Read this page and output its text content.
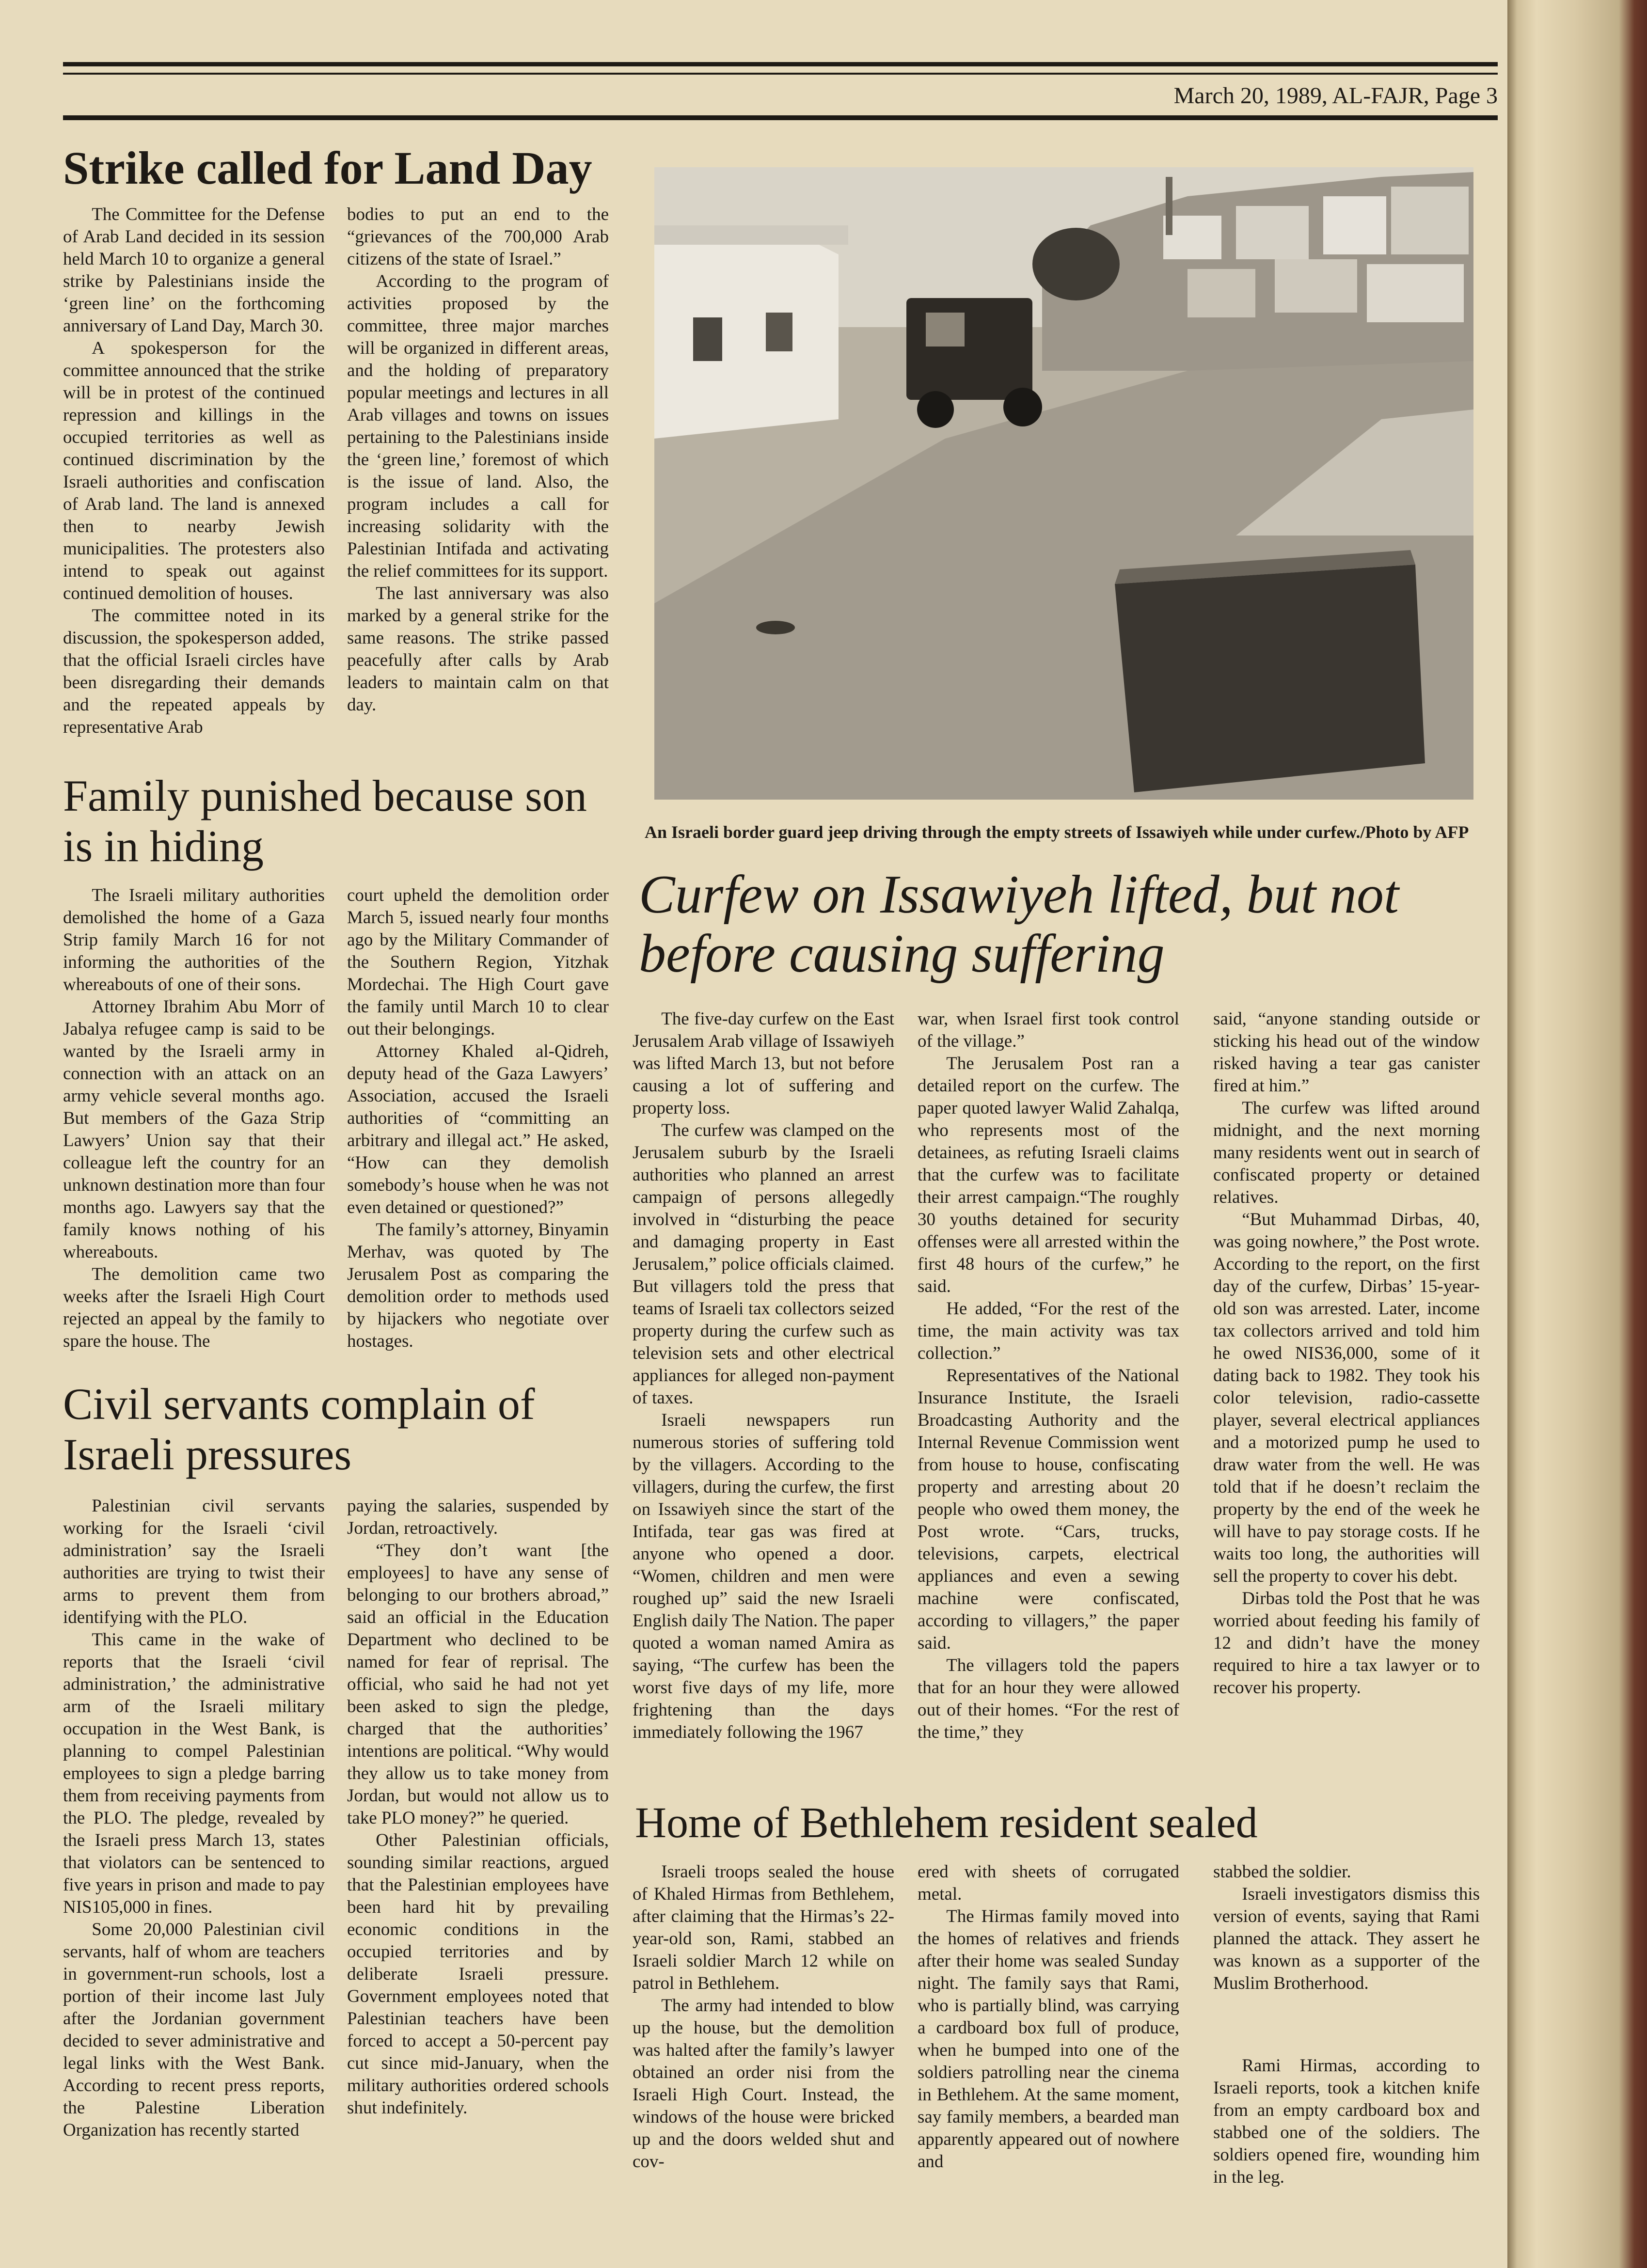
March 20, 1989, AL-FAJR, Page 3
Strike called for Land Day

The Committee for the Defense of Arab Land decided in its session held March 10 to organize a general strike by Palestinians inside the ‘green line’ on the forthcoming anniversary of Land Day, March 30.

A spokesperson for the committee announced that the strike will be in protest of the continued repression and killings in the occupied territories as well as continued discrimination by the Israeli authorities and confiscation of Arab land. The land is annexed then to nearby Jewish municipalities. The protesters also intend to speak out against continued demolition of houses.

The committee noted in its discussion, the spokesperson added, that the official Israeli circles have been disregarding their demands and the repeated appeals by representative Arab

bodies to put an end to the “grievances of the 700,000 Arab citizens of the state of Israel.”

According to the program of activities proposed by the committee, three major marches will be organized in different areas, and the holding of preparatory popular meetings and lectures in all Arab villages and towns on issues pertaining to the Palestinians inside the ‘green line,’ foremost of which is the issue of land. Also, the program includes a call for increasing solidarity with the Palestinian Intifada and activating the relief committees for its support.

The last anniversary was also marked by a general strike for the same reasons. The strike passed peacefully after calls by Arab leaders to maintain calm on that day.

An Israeli border guard jeep driving through the empty streets of Issawiyeh while under curfew./Photo by AFP
Family punished because son is in hiding

The Israeli military authorities demolished the home of a Gaza Strip family March 16 for not informing the authorities of the whereabouts of one of their sons.

Attorney Ibrahim Abu Morr of Jabalya refugee camp is said to be wanted by the Israeli army in connection with an attack on an army vehicle several months ago. But members of the Gaza Strip Lawyers’ Union say that their colleague left the country for an unknown destination more than four months ago. Lawyers say that the family knows nothing of his whereabouts.

The demolition came two weeks after the Israeli High Court rejected an appeal by the family to spare the house. The

court upheld the demolition order March 5, issued nearly four months ago by the Military Commander of the Southern Region, Yitzhak Mordechai. The High Court gave the family until March 10 to clear out their belongings.

Attorney Khaled al-Qidreh, deputy head of the Gaza Lawyers’ Association, accused the Israeli authorities of “committing an arbitrary and illegal act.” He asked, “How can they demolish somebody’s house when he was not even detained or questioned?”

The family’s attorney, Binyamin Merhav, was quoted by The Jerusalem Post as comparing the demolition order to methods used by hijackers who negotiate over hostages.

Civil servants complain of Israeli pressures

Palestinian civil servants working for the Israeli ‘civil administration’ say the Israeli authorities are trying to twist their arms to prevent them from identifying with the PLO.

This came in the wake of reports that the Israeli ‘civil administration,’ the administrative arm of the Israeli military occupation in the West Bank, is planning to compel Palestinian employees to sign a pledge barring them from receiving payments from the PLO. The pledge, revealed by the Israeli press March 13, states that violators can be sentenced to five years in prison and made to pay NIS105,000 in fines.

Some 20,000 Palestinian civil servants, half of whom are teachers in government-run schools, lost a portion of their income last July after the Jordanian government decided to sever administrative and legal links with the West Bank. According to recent press reports, the Palestine Liberation Organization has recently started

paying the salaries, suspended by Jordan, retroactively.

“They don’t want [the employees] to have any sense of belonging to our brothers abroad,” said an official in the Education Department who declined to be named for fear of reprisal. The official, who said he had not yet been asked to sign the pledge, charged that the authorities’ intentions are political. “Why would they allow us to take money from Jordan, but would not allow us to take PLO money?” he queried.

Other Palestinian officials, sounding similar reactions, argued that the Palestinian employees have been hard hit by prevailing economic conditions in the occupied territories and by deliberate Israeli pressure. Government employees noted that Palestinian teachers have been forced to accept a 50-percent pay cut since mid-January, when the military authorities ordered schools shut indefinitely.

Curfew on Issawiyeh lifted, but not before causing suffering

The five-day curfew on the East Jerusalem Arab village of Issawiyeh was lifted March 13, but not before causing a lot of suffering and property loss.

The curfew was clamped on the Jerusalem suburb by the Israeli authorities who planned an arrest campaign of persons allegedly involved in “disturbing the peace and damaging property in East Jerusalem,” police officials claimed. But villagers told the press that teams of Israeli tax collectors seized property during the curfew such as television sets and other electrical appliances for alleged non-payment of taxes.

Israeli newspapers run numerous stories of suffering told by the villagers. According to the villagers, during the curfew, the first on Issawiyeh since the start of the Intifada, tear gas was fired at anyone who opened a door. “Women, children and men were roughed up” said the new Israeli English daily The Nation. The paper quoted a woman named Amira as saying, “The curfew has been the worst five days of my life, more frightening than the days immediately following the 1967

war, when Israel first took control of the village.”

The Jerusalem Post ran a detailed report on the curfew. The paper quoted lawyer Walid Zahalqa, who represents most of the detainees, as refuting Israeli claims that the curfew was to facilitate their arrest campaign.“The roughly 30 youths detained for security offenses were all arrested within the first 48 hours of the curfew,” he said.

He added, “For the rest of the time, the main activity was tax collection.”

Representatives of the National Insurance Institute, the Israeli Broadcasting Authority and the Internal Revenue Commission went from house to house, confiscating property and arresting about 20 people who owed them money, the Post wrote. “Cars, trucks, televisions, carpets, electrical appliances and even a sewing machine were confiscated, according to villagers,” the paper said.

The villagers told the papers that for an hour they were allowed out of their homes. “For the rest of the time,” they

said, “anyone standing outside or sticking his head out of the window risked having a tear gas canister fired at him.”

The curfew was lifted around midnight, and the next morning many residents went out in search of confiscated property or detained relatives.

“But Muhammad Dirbas, 40, was going nowhere,” the Post wrote. According to the report, on the first day of the curfew, Dirbas’ 15-year-old son was arrested. Later, income tax collectors arrived and told him he owed NIS36,000, some of it dating back to 1982. They took his color television, radio-cassette player, several electrical appliances and a motorized pump he used to draw water from the well. He was told that if he doesn’t reclaim the property by the end of the week he will have to pay storage costs. If he waits too long, the authorities will sell the property to cover his debt.

Dirbas told the Post that he was worried about feeding his family of 12 and didn’t have the money required to hire a tax lawyer or to recover his property.

Home of Bethlehem resident sealed

Israeli troops sealed the house of Khaled Hirmas from Bethlehem, after claiming that the Hirmas’s 22-year-old son, Rami, stabbed an Israeli soldier March 12 while on patrol in Bethlehem.

The army had intended to blow up the house, but the demolition was halted after the family’s lawyer obtained an order nisi from the Israeli High Court. Instead, the windows of the house were bricked up and the doors welded shut and cov-

ered with sheets of corrugated metal.

The Hirmas family moved into the homes of relatives and friends after their home was sealed Sunday night. The family says that Rami, who is partially blind, was carrying a cardboard box full of produce, when he bumped into one of the soldiers patrolling near the cinema in Bethlehem. At the same moment, say family members, a bearded man apparently appeared out of nowhere and

stabbed the soldier.

Israeli investigators dismiss this version of events, saying that Rami planned the attack. They assert he was known as a supporter of the Muslim Brotherhood.

Rami Hirmas, according to Israeli reports, took a kitchen knife from an empty cardboard box and stabbed one of the soldiers. The soldiers opened fire, wounding him in the leg.
